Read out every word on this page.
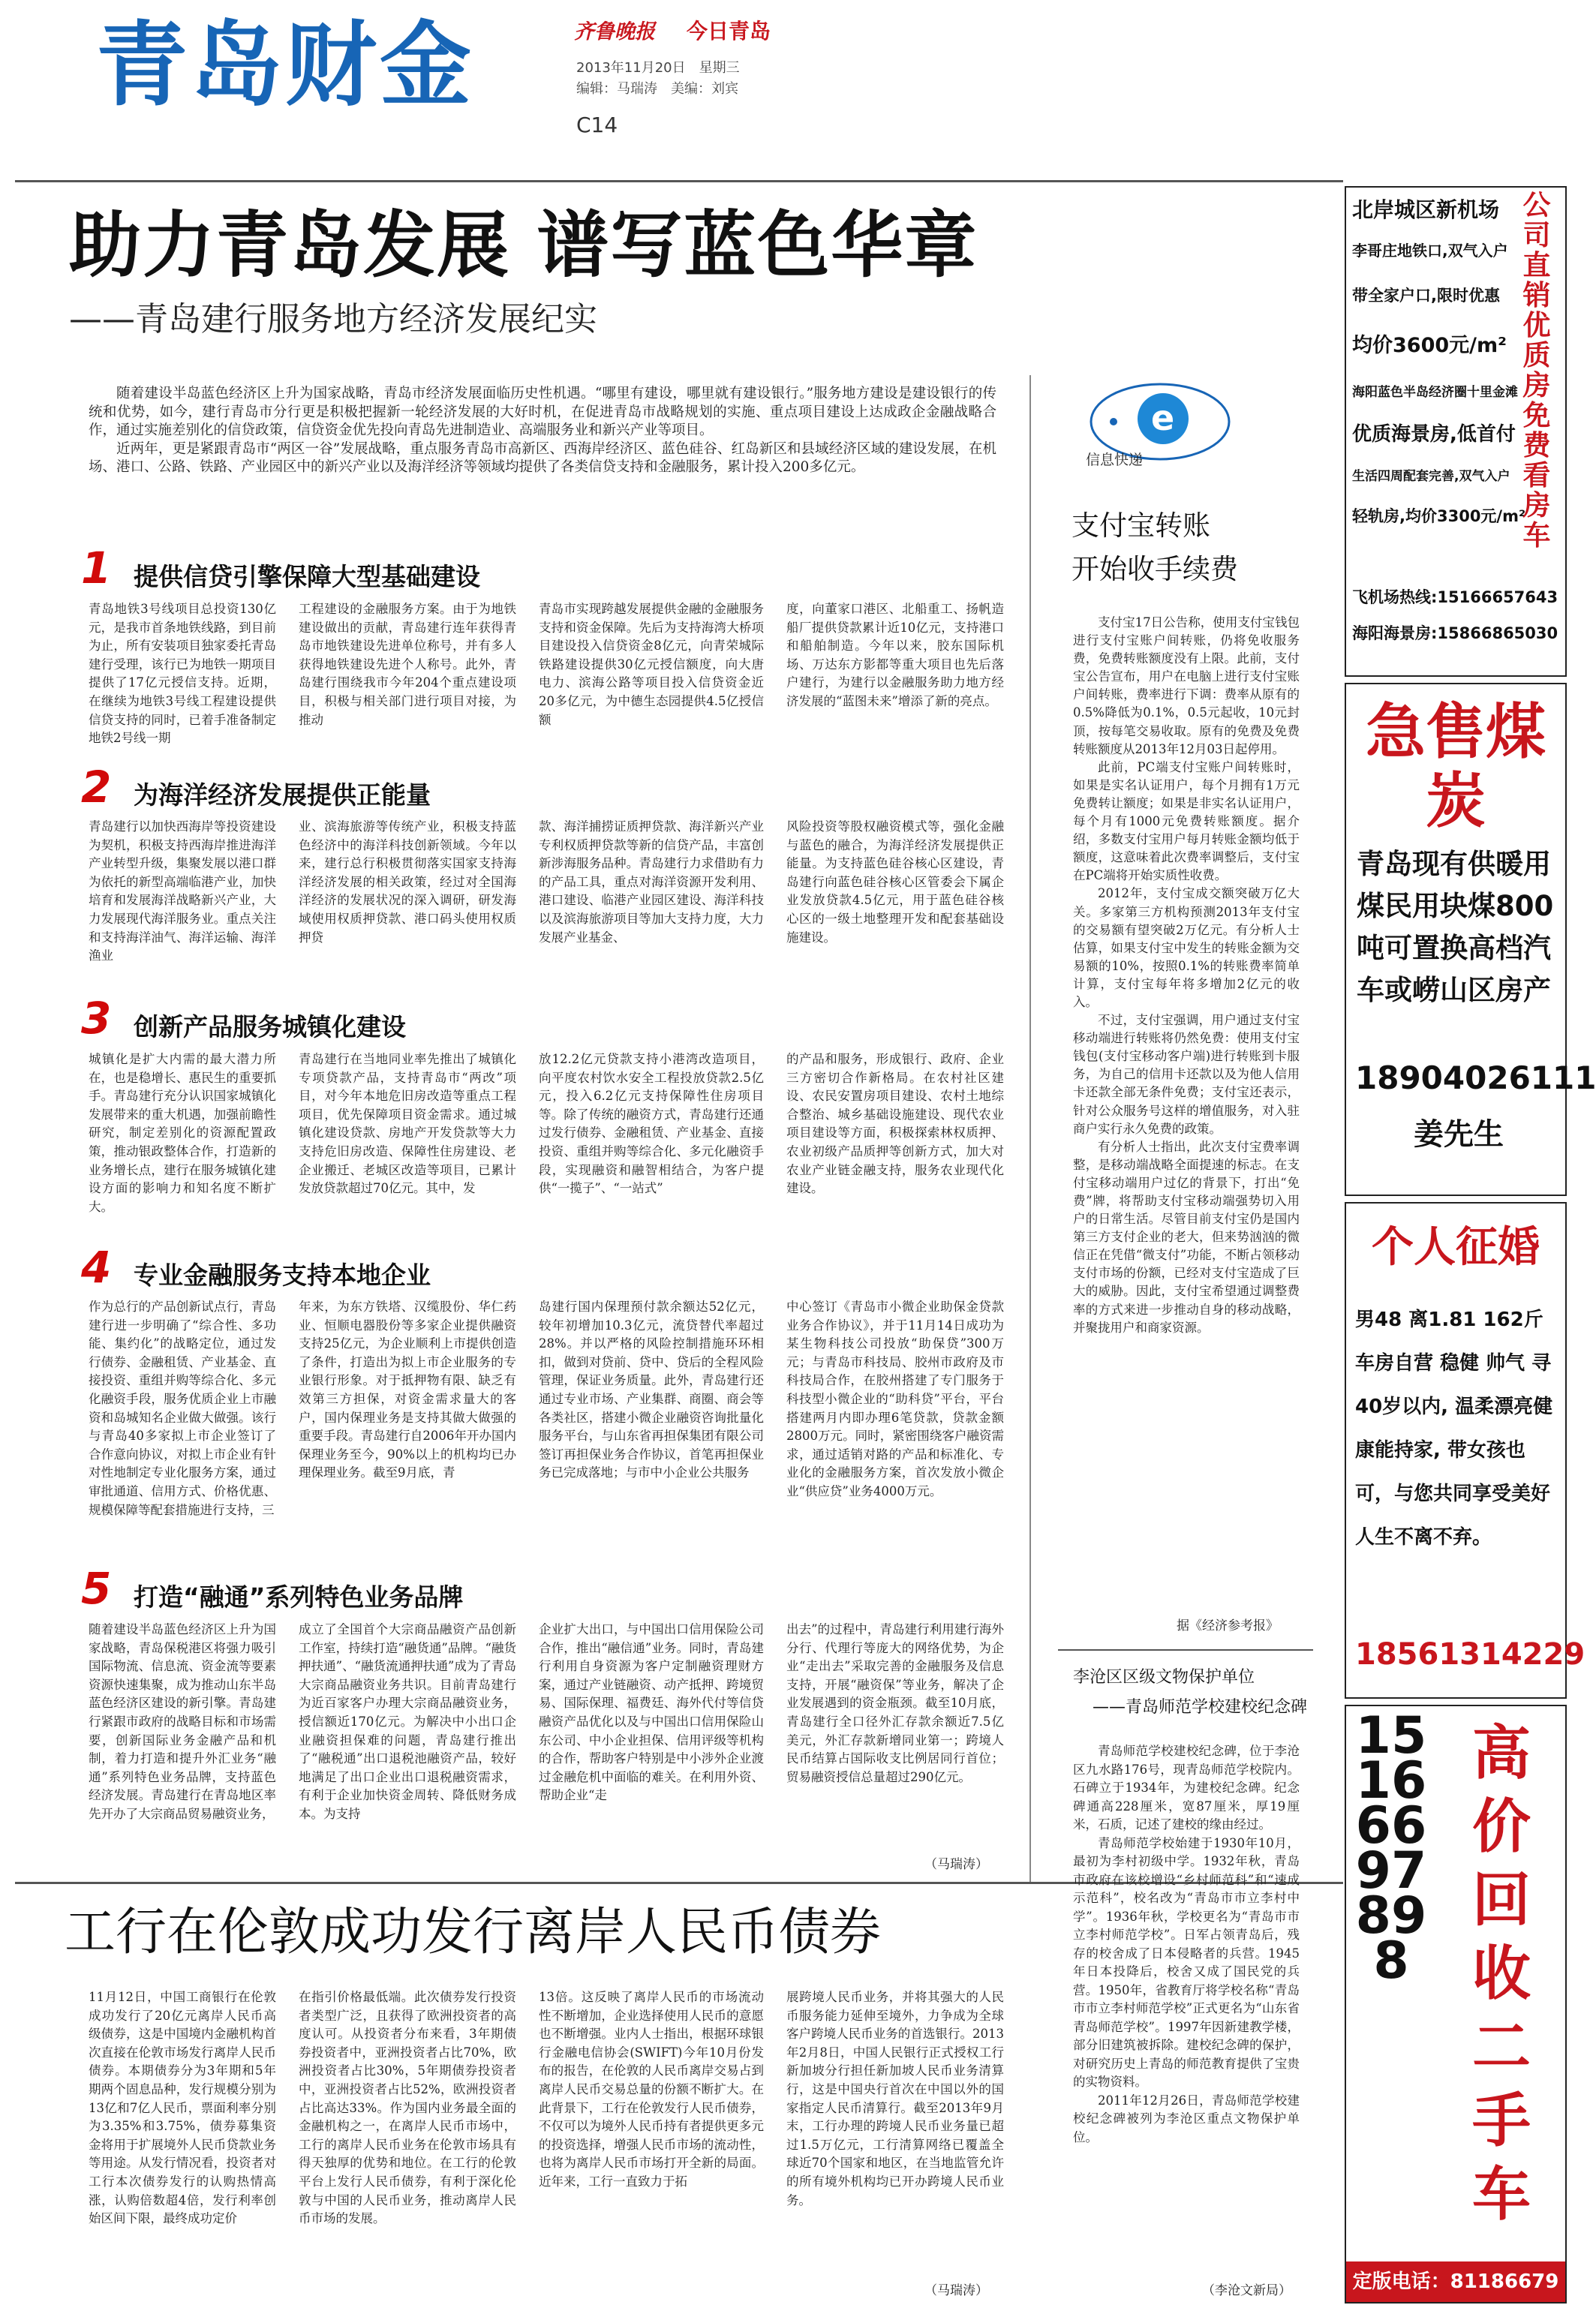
青岛财金	齐鲁晚报 今日青岛
2013年11月20日　星期三
编辑：马瑞涛　美编：刘宾
C14
助力青岛发展 谱写蓝色华章
——青岛建行服务地方经济发展纪实

随着建设半岛蓝色经济区上升为国家战略，青岛市经济发展面临历史性机遇。“哪里有建设，哪里就有建设银行。”服务地方建设是建设银行的传统和优势，如今，建行青岛市分行更是积极把握新一轮经济发展的大好时机，在促进青岛市战略规划的实施、重点项目建设上达成政企金融战略合作，通过实施差别化的信贷政策，信贷资金优先投向青岛先进制造业、高端服务业和新兴产业等项目。

近两年，更是紧跟青岛市“两区一谷”发展战略，重点服务青岛市高新区、西海岸经济区、蓝色硅谷、红岛新区和县域经济区域的建设发展，在机场、港口、公路、铁路、产业园区中的新兴产业以及海洋经济等领域均提供了各类信贷支持和金融服务，累计投入200多亿元。

1 提供信贷引擎保障大型基础建设
青岛地铁3号线项目总投资130亿元，是我市首条地铁线路，到目前为止，所有安装项目独家委托青岛建行受理，该行已为地铁一期项目提供了17亿元授信支持。近期，在继续为地铁3号线工程建设提供信贷支持的同时，已着手准备制定地铁2号线一期
工程建设的金融服务方案。由于为地铁建设做出的贡献，青岛建行连年获得青岛市地铁建设先进单位称号，并有多人获得地铁建设先进个人称号。此外，青岛建行围绕我市今年204个重点建设项目，积极与相关部门进行项目对接，为推动
青岛市实现跨越发展提供金融的金融服务支持和资金保障。先后为支持海湾大桥项目建设投入信贷资金8亿元，向青荣城际铁路建设提供30亿元授信额度，向大唐电力、滨海公路等项目投入信贷资金近20多亿元，为中德生态园提供4.5亿授信额
度，向董家口港区、北船重工、扬帆造船厂提供贷款累计近10亿元，支持港口和船舶制造。今年以来，胶东国际机场、万达东方影都等重大项目也先后落户建行，为建行以金融服务助力地方经济发展的“蓝图未来”增添了新的亮点。
2 为海洋经济发展提供正能量
青岛建行以加快西海岸等投资建设为契机，积极支持西海岸推进海洋产业转型升级，集聚发展以港口群为依托的新型高端临港产业，加快培育和发展海洋战略新兴产业，大力发展现代海洋服务业。重点关注和支持海洋油气、海洋运输、海洋渔业
业、滨海旅游等传统产业，积极支持蓝色经济中的海洋科技创新领域。今年以来，建行总行积极贯彻落实国家支持海洋经济发展的相关政策，经过对全国海洋经济的发展状况的深入调研，研发海域使用权质押贷款、港口码头使用权质押贷
款、海洋捕捞证质押贷款、海洋新兴产业专利权质押贷款等新的信贷产品，丰富创新涉海服务品种。青岛建行力求借助有力的产品工具，重点对海洋资源开发利用、港口建设、临港产业园区建设、海洋科技以及滨海旅游项目等加大支持力度，大力发展产业基金、
风险投资等股权融资模式等，强化金融与蓝色的融合，为海洋经济发展提供正能量。为支持蓝色硅谷核心区建设，青岛建行向蓝色硅谷核心区管委会下属企业发放贷款4.5亿元，用于蓝色硅谷核心区的一级土地整理开发和配套基础设施建设。
3 创新产品服务城镇化建设
城镇化是扩大内需的最大潜力所在，也是稳增长、惠民生的重要抓手。青岛建行充分认识国家城镇化发展带来的重大机遇，加强前瞻性研究，制定差别化的资源配置政策，推动银政整体合作，打造新的业务增长点，建行在服务城镇化建设方面的影响力和知名度不断扩大。
青岛建行在当地同业率先推出了城镇化专项贷款产品，支持青岛市“两改”项目，对今年本地危旧房改造等重点工程项目，优先保障项目资金需求。通过城镇化建设贷款、房地产开发贷款等大力支持危旧房改造、保障性住房建设、老企业搬迁、老城区改造等项目，已累计发放贷款超过70亿元。其中，发
放12.2亿元贷款支持小港湾改造项目，向平度农村饮水安全工程投放贷款2.5亿元，投入6.2亿元支持保障性住房项目等。除了传统的融资方式，青岛建行还通过发行债券、金融租赁、产业基金、直接投资、重组并购等综合化、多元化融资手段，实现融资和融智相结合，为客户提供“一揽子”、“一站式”
的产品和服务，形成银行、政府、企业三方密切合作新格局。在农村社区建设、农民安置房项目建设、农村土地综合整治、城乡基础设施建设、现代农业项目建设等方面，积极探索林权质押、农业初级产品质押等创新方式，加大对农业产业链金融支持，服务农业现代化建设。
4 专业金融服务支持本地企业
作为总行的产品创新试点行，青岛建行进一步明确了“综合性、多功能、集约化”的战略定位，通过发行债券、金融租赁、产业基金、直接投资、重组并购等综合化、多元化融资手段，服务优质企业上市融资和岛城知名企业做大做强。该行与青岛40多家拟上市企业签订了合作意向协议，对拟上市企业有针对性地制定专业化服务方案，通过审批通道、信用方式、价格优惠、规模保障等配套措施进行支持，三
年来，为东方铁塔、汉缆股份、华仁药业、恒顺电器股份等多家企业提供融资支持25亿元，为企业顺利上市提供创造了条件，打造出为拟上市企业服务的专业银行形象。对于抵押物有限、缺乏有效第三方担保，对资金需求量大的客户，国内保理业务是支持其做大做强的重要手段。青岛建行自2006年开办国内保理业务至今，90%以上的机构均已办理保理业务。截至9月底，青
岛建行国内保理预付款余额达52亿元，较年初增加10.3亿元，流贷替代率超过28%。并以严格的风险控制措施环环相扣，做到对贷前、贷中、贷后的全程风险管理，保证业务质量。此外，青岛建行还通过专业市场、产业集群、商圈、商会等各类社区，搭建小微企业融资咨询批量化服务平台，与山东省再担保集团有限公司签订再担保业务合作协议，首笔再担保业务已完成落地；与市中小企业公共服务
中心签订《青岛市小微企业助保金贷款业务合作协议》，并于11月14日成功为某生物科技公司投放“助保贷”300万元；与青岛市科技局、胶州市政府及市科技局合作，在胶州搭建了专门服务于科技型小微企业的“助科贷”平台，平台搭建两月内即办理6笔贷款，贷款金额2800万元。同时，紧密围绕客户融资需求，通过适销对路的产品和标准化、专业化的金融服务方案，首次发放小微企业“供应贷”业务4000万元。
5 打造“融通”系列特色业务品牌
随着建设半岛蓝色经济区上升为国家战略，青岛保税港区将强力吸引国际物流、信息流、资金流等要素资源快速集聚，成为推动山东半岛蓝色经济区建设的新引擎。青岛建行紧跟市政府的战略目标和市场需要，创新国际业务金融产品和机制，着力打造和提升外汇业务“融通”系列特色业务品牌，支持蓝色经济发展。青岛建行在青岛地区率先开办了大宗商品贸易融资业务，
成立了全国首个大宗商品融资产品创新工作室，持续打造“融货通”品牌。“融货押扶通”、“融货流通押扶通”成为了青岛大宗商品融资业务共识。目前青岛建行为近百家客户办理大宗商品融资业务，授信额近170亿元。为解决中小出口企业融资担保难的问题，青岛建行推出了“融税通”出口退税池融资产品，较好地满足了出口企业出口退税融资需求，有利于企业加快资金周转、降低财务成本。为支持
企业扩大出口，与中国出口信用保险公司合作，推出“融信通”业务。同时，青岛建行利用自身资源为客户定制融资理财方案，通过产业链融资、动产抵押、跨境贸易、国际保理、福费廷、海外代付等信贷融资产品优化以及与中国出口信用保险山东公司、中小企业担保、信用评级等机构的合作，帮助客户特别是中小涉外企业渡过金融危机中面临的难关。在利用外资、帮助企业“走
出去”的过程中，青岛建行利用建行海外分行、代理行等庞大的网络优势，为企业“走出去”采取完善的金融服务及信息支持，开展“融资保”等业务，解决了企业发展遇到的资金瓶颈。截至10月底，青岛建行全口径外汇存款余额近7.5亿美元，外汇存款新增同业第一；跨境人民币结算占国际收支比例居同行首位；贸易融资授信总量超过290亿元。
（马瑞涛）
e
信息快递
支付宝转账
开始收手续费

支付宝17日公告称，使用支付宝钱包进行支付宝账户间转账，仍将免收服务费，免费转账额度没有上限。此前，支付宝公告宣布，用户在电脑上进行支付宝账户间转账，费率进行下调：费率从原有的0.5%降低为0.1%，0.5元起收，10元封顶，按每笔交易收取。原有的免费及免费转账额度从2013年12月03日起停用。

此前，PC端支付宝账户间转账时，如果是实名认证用户，每个月拥有1万元免费转让额度；如果是非实名认证用户，每个月有1000元免费转账额度。据介绍，多数支付宝用户每月转账金额均低于额度，这意味着此次费率调整后，支付宝在PC端将开始实质性收费。

2012年，支付宝成交额突破万亿大关。多家第三方机构预测2013年支付宝的交易额有望突破2万亿元。有分析人士估算，如果支付宝中发生的转账金额为交易额的10%，按照0.1%的转账费率简单计算，支付宝每年将多增加2亿元的收入。

不过，支付宝强调，用户通过支付宝移动端进行转账将仍然免费：使用支付宝钱包(支付宝移动客户端)进行转账到卡服务，为自己的信用卡还款以及为他人信用卡还款全部无条件免费；支付宝还表示，针对公众服务号这样的增值服务，对入驻商户实行永久免费的政策。

有分析人士指出，此次支付宝费率调整，是移动端战略全面提速的标志。在支付宝移动端用户过亿的背景下，打出“免费”牌，将帮助支付宝移动端强势切入用户的日常生活。尽管目前支付宝仍是国内第三方支付企业的老大，但来势汹汹的微信正在凭借“微支付”功能，不断占领移动支付市场的份额，已经对支付宝造成了巨大的威胁。因此，支付宝希望通过调整费率的方式来进一步推动自身的移动战略，并聚拢用户和商家资源。

据《经济参考报》
李沧区区级文物保护单位
——青岛师范学校建校纪念碑

青岛师范学校建校纪念碑，位于李沧区九水路176号，现青岛师范学校院内。石碑立于1934年，为建校纪念碑。纪念碑通高228厘米，宽87厘米，厚19厘米，石质，记述了建校的缘由经过。

青岛师范学校始建于1930年10月，最初为李村初级中学。1932年秋，青岛市政府在该校增设“乡村师范科”和“速成示范科”，校名改为“青岛市市立李村中学”。1936年秋，学校更名为“青岛市市立李村师范学校”。日军占领青岛后，残存的校舍成了日本侵略者的兵营。1945年日本投降后，校舍又成了国民党的兵营。1950年，省教育厅将学校名称“青岛市市立李村师范学校”正式更名为“山东省青岛师范学校”。1997年因新建教学楼，部分旧建筑被拆除。建校纪念碑的保护，对研究历史上青岛的师范教育提供了宝贵的实物资料。

2011年12月26日，青岛师范学校建校纪念碑被列为李沧区重点文物保护单位。

（李沧文新局）
工行在伦敦成功发行离岸人民币债券
11月12日，中国工商银行在伦敦成功发行了20亿元离岸人民币高级债券，这是中国境内金融机构首次直接在伦敦市场发行离岸人民币债券。本期债券分为3年期和5年期两个固息品种，发行规模分别为13亿和7亿人民币，票面利率分别为3.35%和3.75%，债券募集资金将用于扩展境外人民币贷款业务等用途。从发行情况看，投资者对工行本次债券发行的认购热情高涨，认购倍数超4倍，发行利率创始区间下限，最终成功定价
在指引价格最低端。此次债券发行投资者类型广泛，且获得了欧洲投资者的高度认可。从投资者分布来看，3年期债券投资者中，亚洲投资者占比70%，欧洲投资者占比30%，5年期债券投资者中，亚洲投资者占比52%，欧洲投资者占比高达33%。作为国内业务最全面的金融机构之一，在离岸人民币市场中，工行的离岸人民币业务在伦敦市场具有得天独厚的优势和地位。在工行的伦敦平台上发行人民币债券，有利于深化伦敦与中国的人民币业务，推动离岸人民币市场的发展。
13倍。这反映了离岸人民币的市场流动性不断增加，企业选择使用人民币的意愿也不断增强。业内人士指出，根据环球银行金融电信协会(SWIFT)今年10月份发布的报告，在伦敦的人民币离岸交易占到离岸人民币交易总量的份额不断扩大。在此背景下，工行在伦敦发行人民币债券，不仅可以为境外人民币持有者提供更多元的投资选择，增强人民币市场的流动性，也将为离岸人民币市场打开全新的局面。近年来，工行一直致力于拓
展跨境人民币业务，并将其强大的人民币服务能力延伸至境外，力争成为全球客户跨境人民币业务的首选银行。2013年2月8日，中国人民银行正式授权工行新加坡分行担任新加坡人民币业务清算行，这是中国央行首次在中国以外的国家指定人民币清算行。截至2013年9月末，工行办理的跨境人民币业务量已超过1.5万亿元，工行清算网络已覆盖全球近70个国家和地区，在当地监管允许的所有境外机构均已开办跨境人民币业务。
（马瑞涛）
北岸城区新机场
李哥庄地铁口,双气入户
带全家户口,限时优惠
均价3600元/m²
海阳蓝色半岛经济圈十里金滩
优质海景房,低首付
生活四周配套完善,双气入户
轻轨房,均价3300元/m²
公司直销优质房免费看房车
飞机场热线:15166657643
海阳海景房:15866865030
急售煤炭
青岛现有供暖用煤民用块煤800吨可置换高档汽车或崂山区房产
18904026111
姜先生
个人征婚
男48 离1.81 162斤 车房自营 稳健 帅气 寻40岁以内, 温柔漂亮健康能持家, 带女孩也可，与您共同享受美好人生不离不弃。
18561314229
15166697898
高价回收二手车
定版电话：81186679
